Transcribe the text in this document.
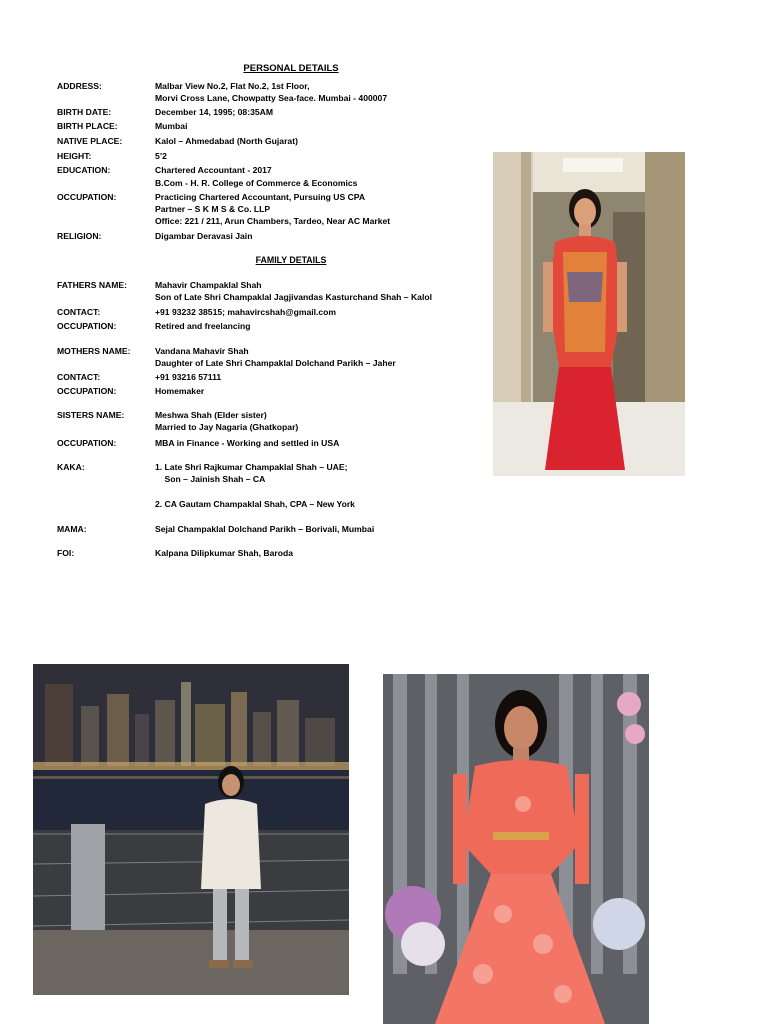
PERSONAL DETAILS
ADDRESS:	Malbar View No.2, Flat No.2, 1st Floor,
Morvi Cross Lane, Chowpatty Sea-face. Mumbai - 400007
BIRTH DATE:	December 14, 1995; 08:35AM
BIRTH PLACE:	Mumbai
NATIVE PLACE:	Kalol – Ahmedabad (North Gujarat)
HEIGHT:	5’2
EDUCATION:	Chartered Accountant - 2017
B.Com - H. R. College of Commerce & Economics
OCCUPATION:	Practicing Chartered Accountant, Pursuing US CPA
Partner – S K M S & Co. LLP
Office: 221 / 211, Arun Chambers, Tardeo, Near AC Market
RELIGION:	Digambar Deravasi Jain
FAMILY DETAILS
FATHERS NAME:	Mahavir Champaklal Shah
Son of Late Shri Champaklal Jagjivandas Kasturchand Shah – Kalol
CONTACT:	+91 93232 38515; mahavircshah@gmail.com
OCCUPATION:	Retired and freelancing
MOTHERS NAME:	Vandana Mahavir Shah
Daughter of Late Shri Champaklal Dolchand Parikh – Jaher
CONTACT:	+91 93216 57111
OCCUPATION:	Homemaker
SISTERS NAME:	Meshwa Shah (Elder sister)
Married to Jay Nagaria (Ghatkopar)
OCCUPATION:	MBA in Finance - Working and settled in USA
KAKA:	1. Late Shri Rajkumar Champaklal Shah – UAE;
Son – Jainish Shah – CA
2. CA Gautam Champaklal Shah, CPA – New York
MAMA:	Sejal Champaklal Dolchand Parikh – Borivali, Mumbai
FOI:	Kalpana Dilipkumar Shah, Baroda
